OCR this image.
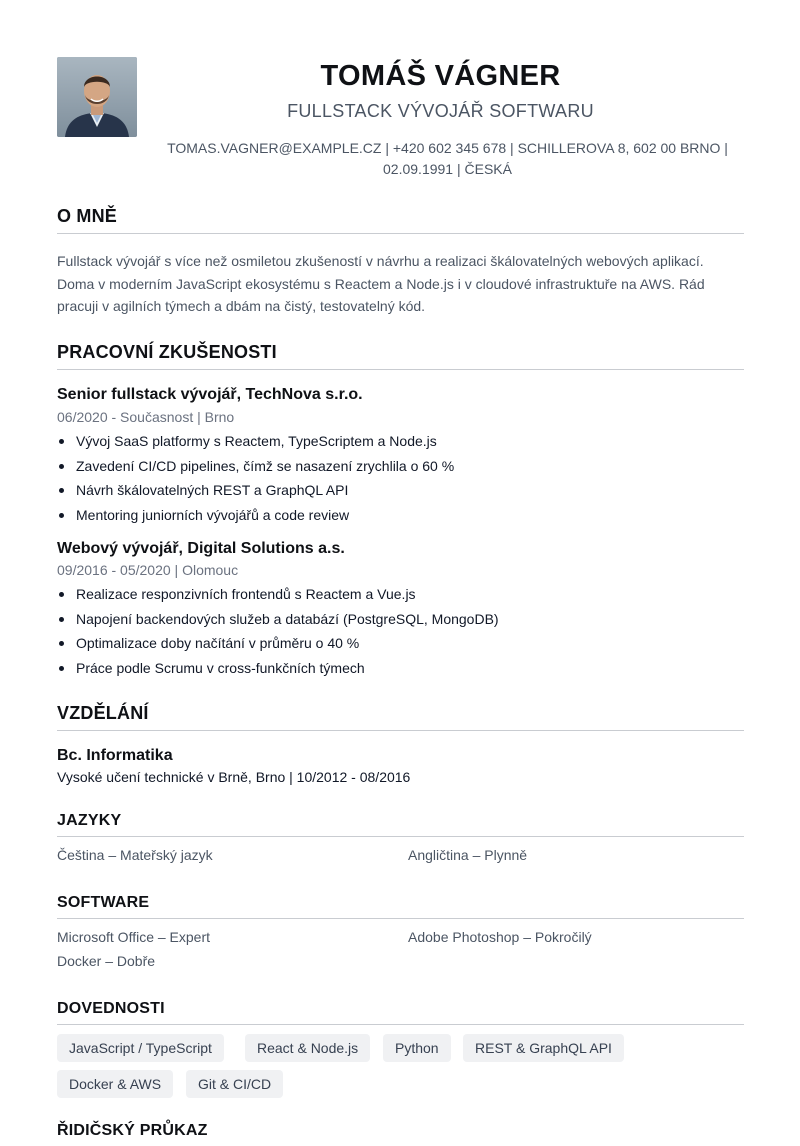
TOMÁŠ VÁGNER
FULLSTACK VÝVOJÁŘ SOFTWARU
TOMAS.VAGNER@EXAMPLE.CZ | +420 602 345 678 | SCHILLEROVA 8, 602 00 BRNO | 02.09.1991 | ČESKÁ
O MNĚ
Fullstack vývojář s více než osmiletou zkušeností v návrhu a realizaci škálovatelných webových aplikací. Doma v moderním JavaScript ekosystému s Reactem a Node.js i v cloudové infrastruktuře na AWS. Rád pracuji v agilních týmech a dbám na čistý, testovatelný kód.
PRACOVNÍ ZKUŠENOSTI
Senior fullstack vývojář, TechNova s.r.o.
06/2020 - Současnost | Brno
Vývoj SaaS platformy s Reactem, TypeScriptem a Node.js
Zavedení CI/CD pipelines, čímž se nasazení zrychlila o 60 %
Návrh škálovatelných REST a GraphQL API
Mentoring juniorních vývojářů a code review
Webový vývojář, Digital Solutions a.s.
09/2016 - 05/2020 | Olomouc
Realizace responzivních frontendů s Reactem a Vue.js
Napojení backendových služeb a databází (PostgreSQL, MongoDB)
Optimalizace doby načítání v průměru o 40 %
Práce podle Scrumu v cross-funkčních týmech
VZDĚLÁNÍ
Bc. Informatika
Vysoké učení technické v Brně, Brno | 10/2012 - 08/2016
JAZYKY
Čeština – Mateřský jazyk	Angličtina – Plynně
SOFTWARE
Microsoft Office – Expert	Adobe Photoshop – Pokročilý
Docker – Dobře
DOVEDNOSTI
JavaScript / TypeScript	React & Node.js	Python	REST & GraphQL API
Docker & AWS	Git & CI/CD
ŘIDIČSKÝ PRŮKAZ
